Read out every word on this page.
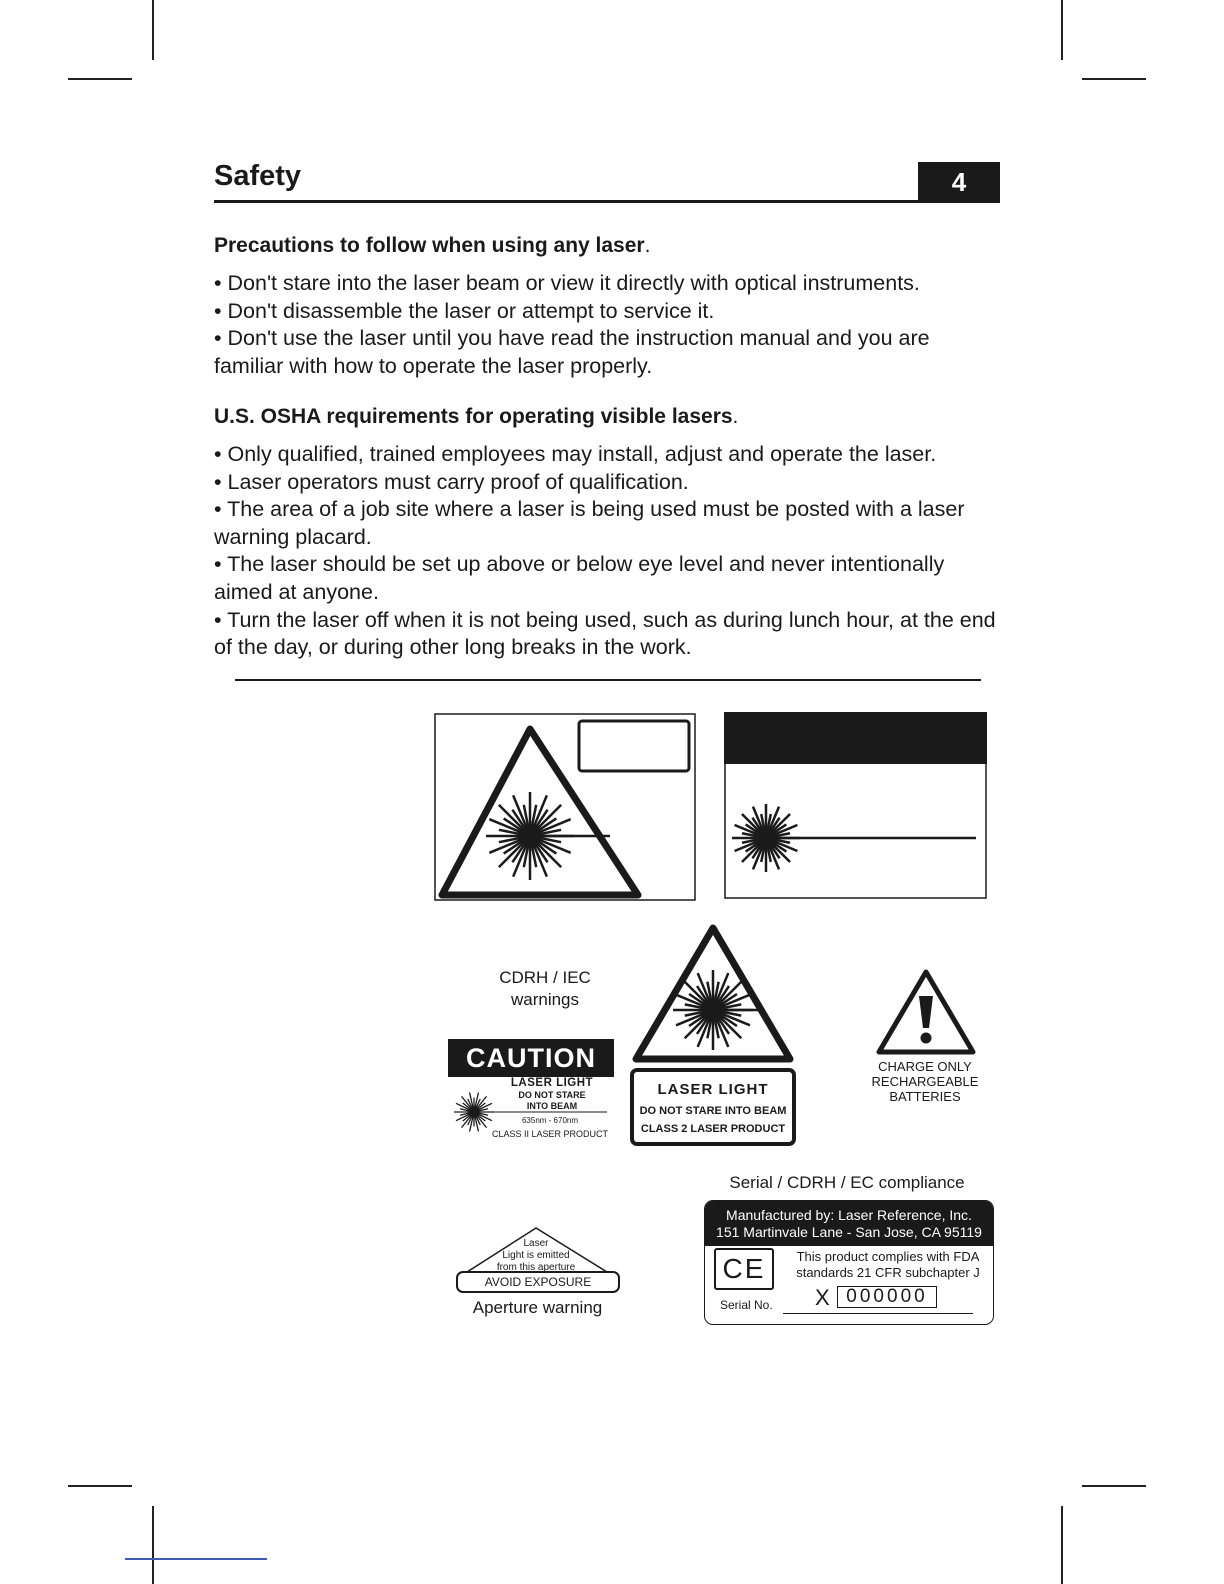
Safety	4
Precautions to follow when using any laser.

• Don't stare into the laser beam or view it directly with optical instruments.

• Don't disassemble the laser or attempt to service it.

• Don't use the laser until you have read the instruction manual and you are familiar with how to operate the laser properly.

U.S. OSHA requirements for operating visible lasers.

• Only qualified, trained employees may install, adjust and operate the laser.

• Laser operators must carry proof of qualification.

• The area of a job site where a laser is being used must be posted with a laser warning placard.

• The laser should be set up above or below eye level and never intentionally aimed at anyone.

• Turn the laser off when it is not being used, such as during lunch hour, at the end of the day, or during other long breaks in the work.

CDRH / IEC
warnings
CHARGE ONLY
RECHARGEABLE
BATTERIES
CAUTION
LASER LIGHT
DO NOT STARE
INTO BEAM
635nm - 670nm
CLASS II LASER PRODUCT
LASER LIGHT
DO NOT STARE INTO BEAM
CLASS 2 LASER PRODUCT
Serial / CDRH / EC compliance
Manufactured by: Laser Reference, Inc.
151 Martinvale Lane - San Jose, CA 95119
CE	This product complies with FDA
standards 21 CFR subchapter J
Serial No. X 000000
Laser
Light is emitted
from this aperture
AVOID EXPOSURE
Aperture warning
